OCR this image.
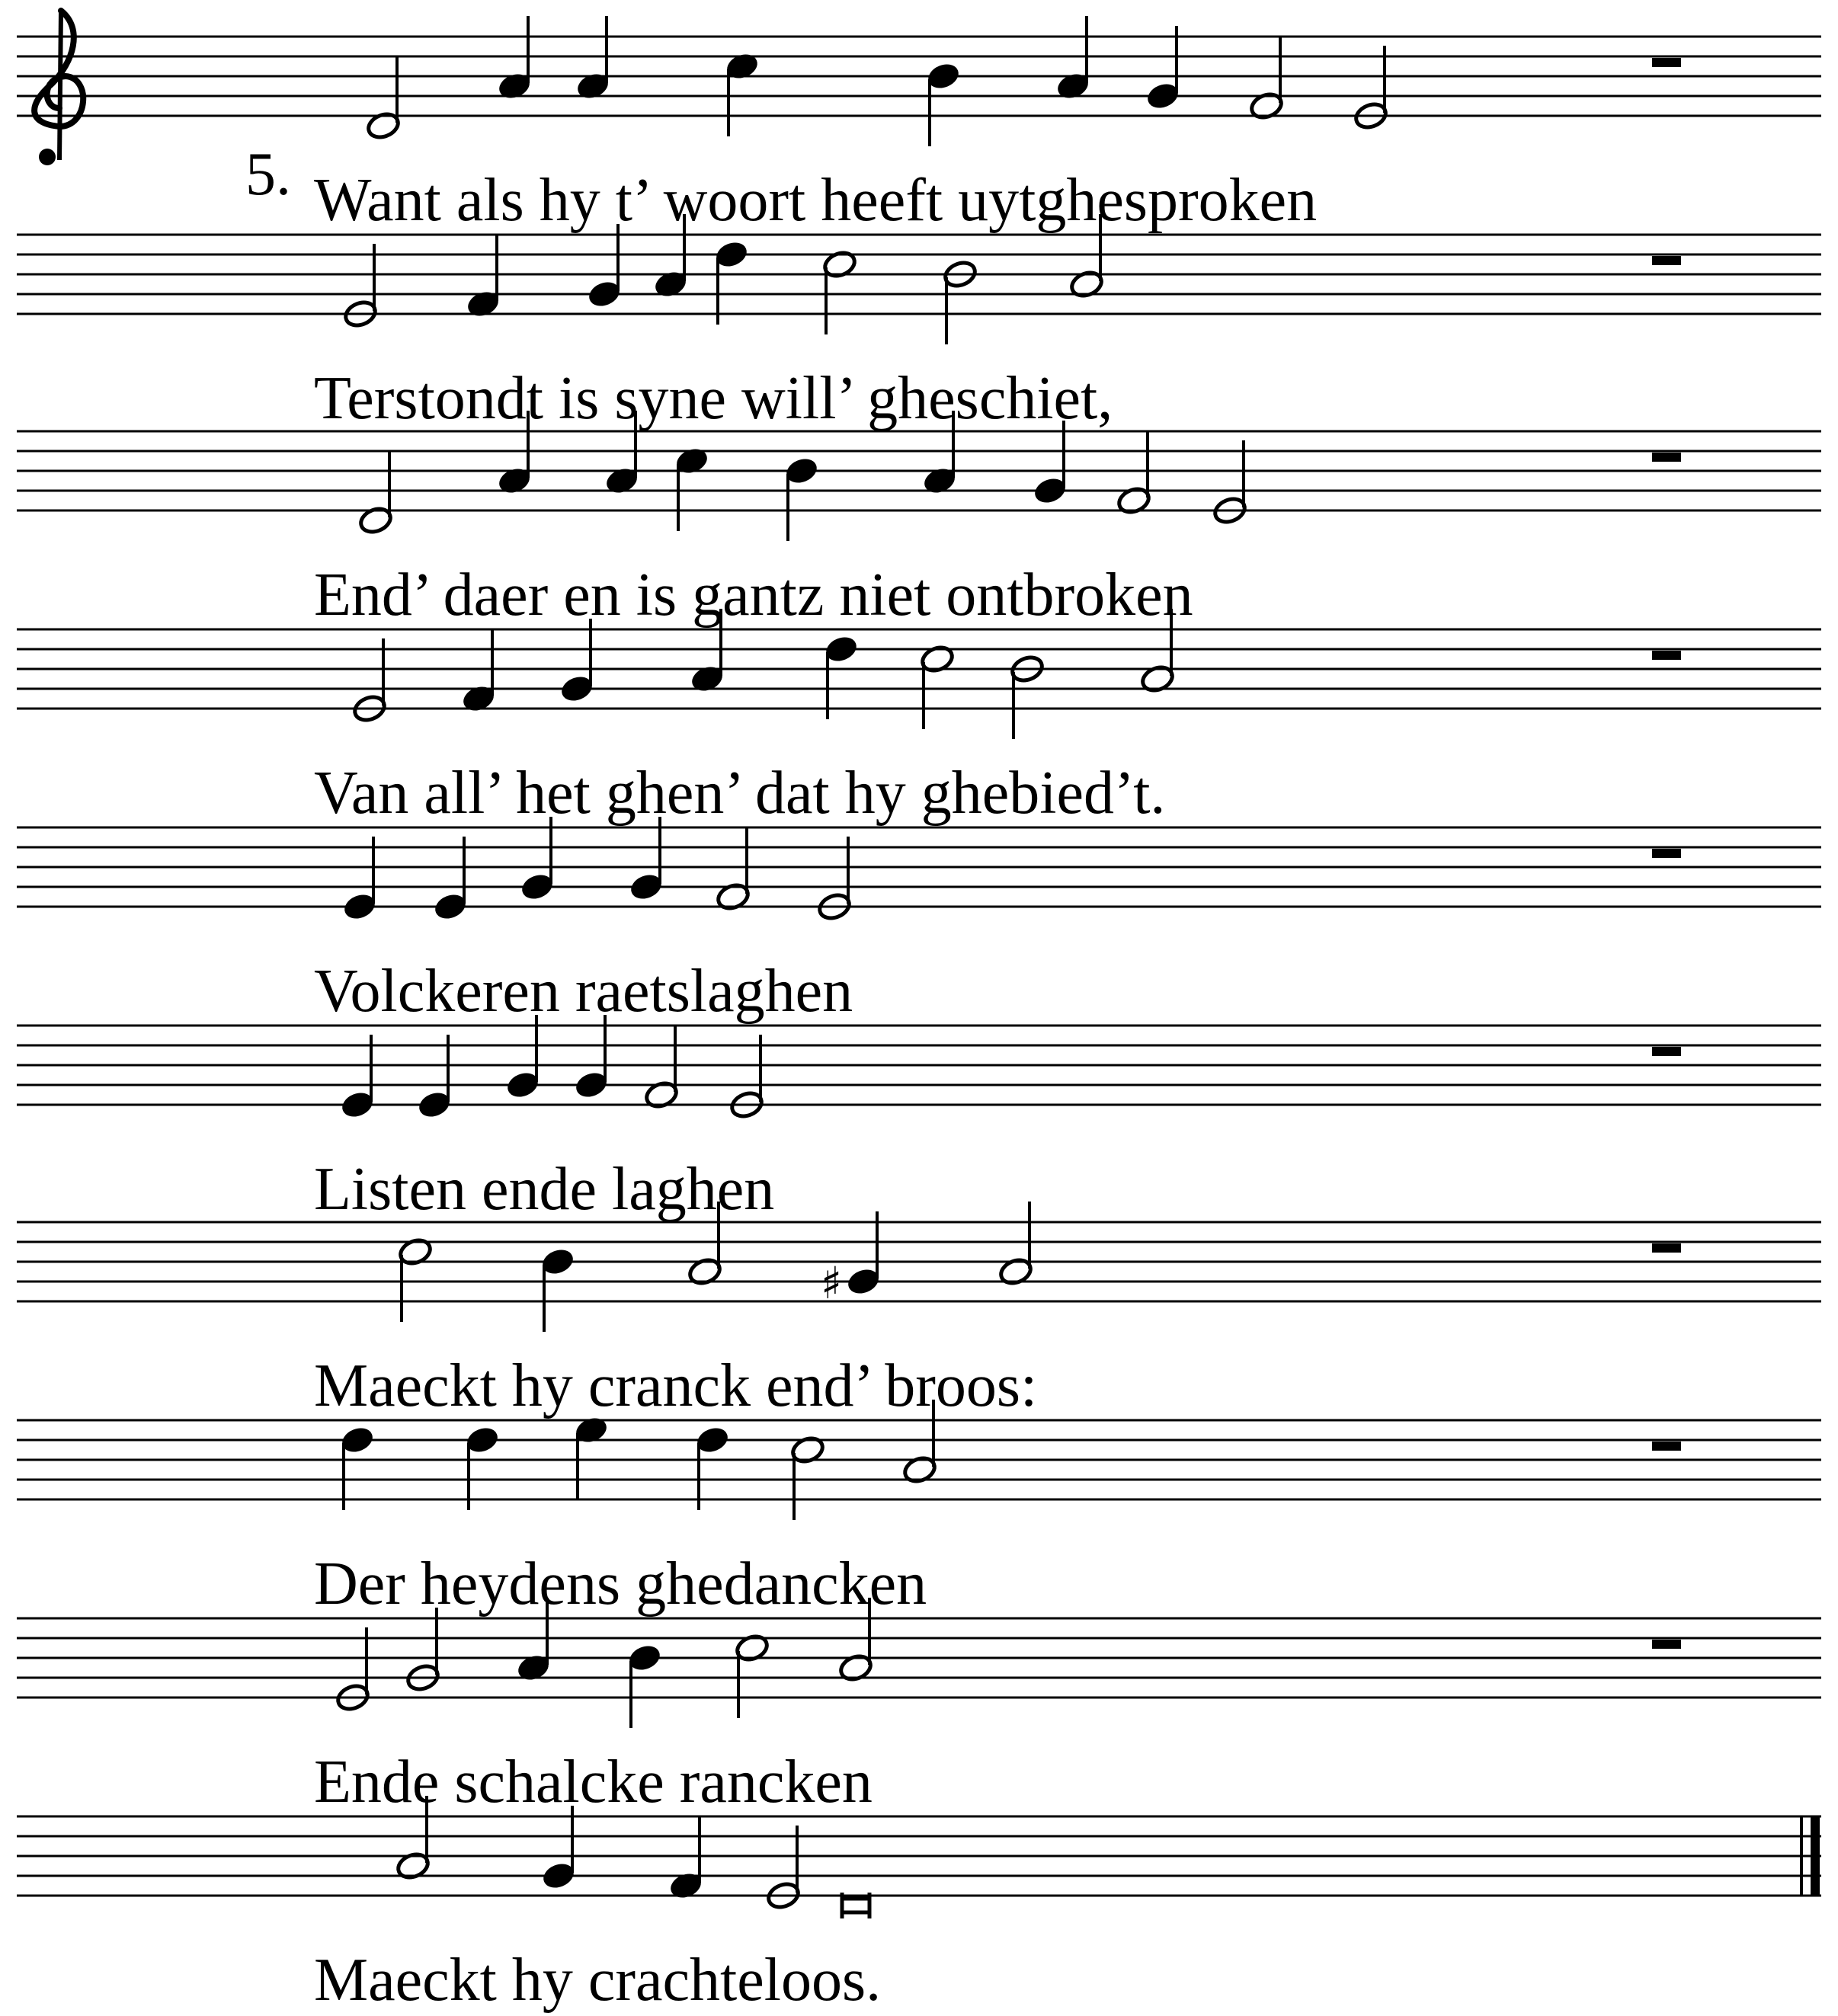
5. Want als hy t’ woort heeft uytghesproken
Terstondt is syne will’ gheschiet,
End’ daer en is gantz niet ontbroken
Van all’ het ghen’ dat hy ghebied’t.
Volckeren raetslaghen
Listen ende laghen
♯
Maeckt hy cranck end’ broos:
Der heydens ghedancken
Ende schalcke rancken
Maeckt hy crachteloos.
